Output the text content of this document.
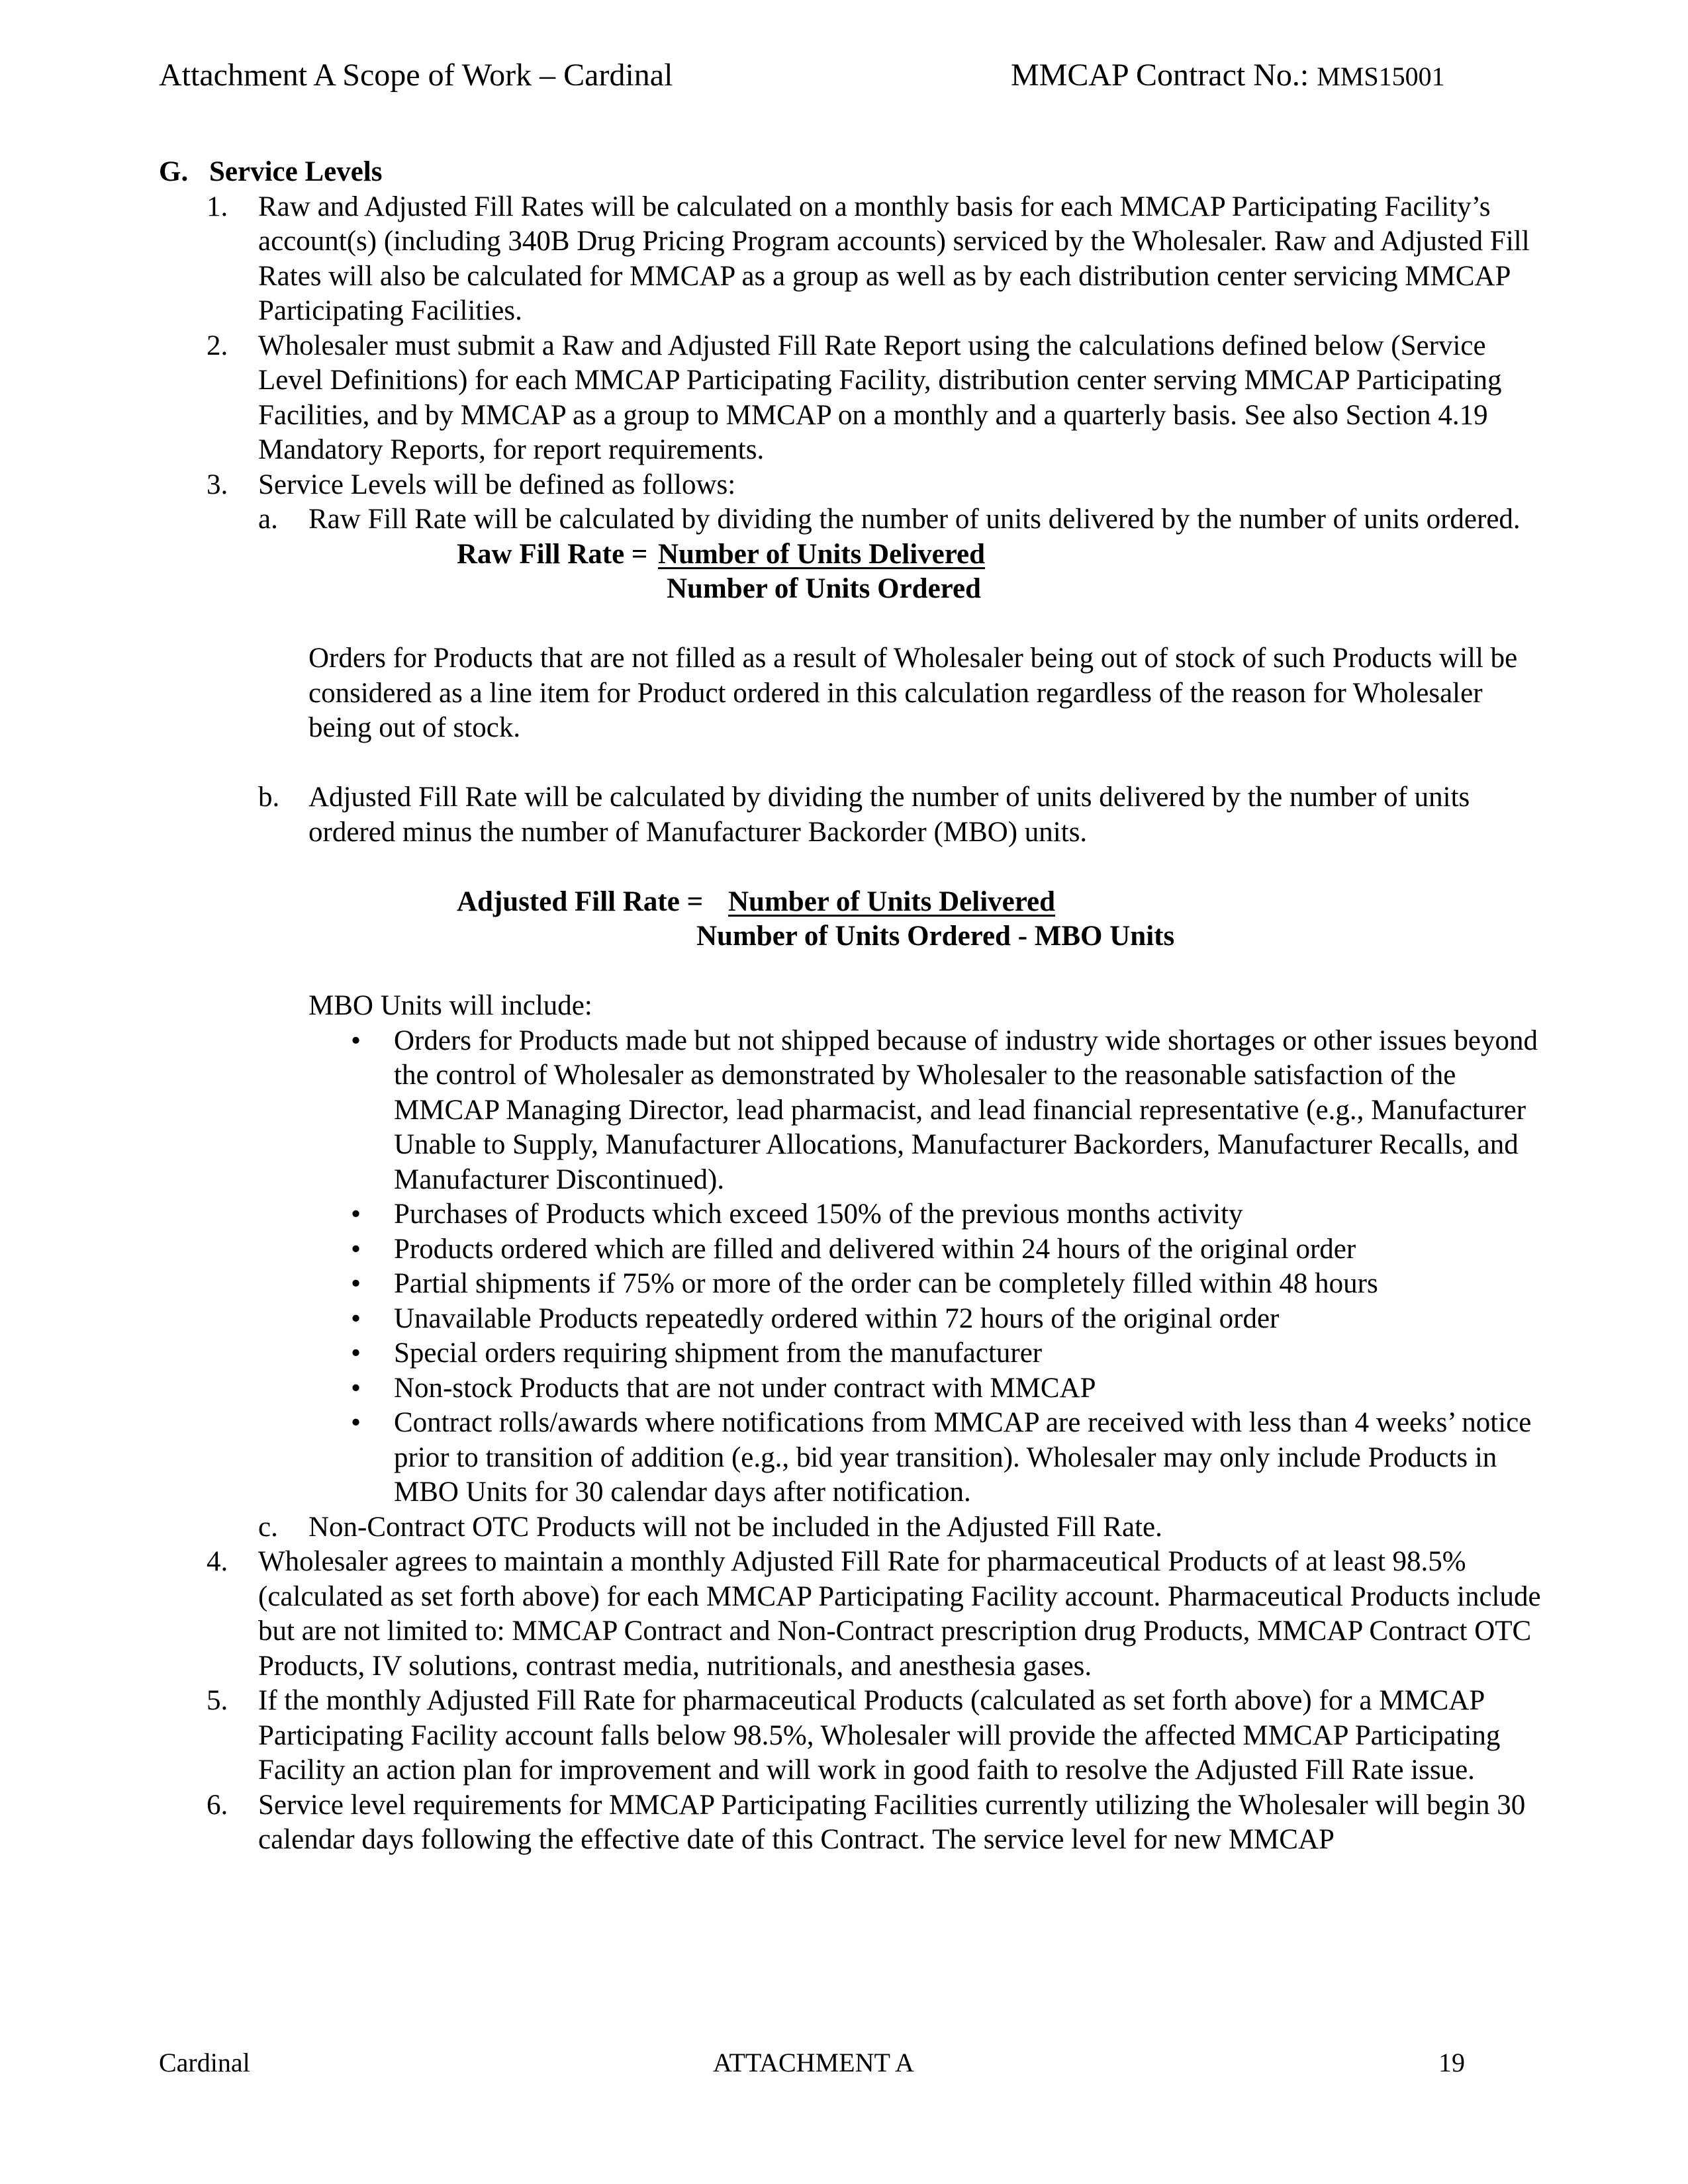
Attachment A Scope of Work – Cardinal	MMCAP Contract No.: MMS15001
G. Service Levels
1. Raw and Adjusted Fill Rates will be calculated on a monthly basis for each MMCAP Participating Facility’s account(s) (including 340B Drug Pricing Program accounts) serviced by the Wholesaler. Raw and Adjusted Fill Rates will also be calculated for MMCAP as a group as well as by each distribution center servicing MMCAP Participating Facilities.
2. Wholesaler must submit a Raw and Adjusted Fill Rate Report using the calculations defined below (Service Level Definitions) for each MMCAP Participating Facility, distribution center serving MMCAP Participating Facilities, and by MMCAP as a group to MMCAP on a monthly and a quarterly basis. See also Section 4.19 Mandatory Reports, for report requirements.
3. Service Levels will be defined as follows:
a. Raw Fill Rate will be calculated by dividing the number of units delivered by the number of units ordered.
Raw Fill Rate = Number of Units Delivered
Number of Units Ordered
Orders for Products that are not filled as a result of Wholesaler being out of stock of such Products will be considered as a line item for Product ordered in this calculation regardless of the reason for Wholesaler being out of stock.
b. Adjusted Fill Rate will be calculated by dividing the number of units delivered by the number of units ordered minus the number of Manufacturer Backorder (MBO) units.
Adjusted Fill Rate = Number of Units Delivered
Number of Units Ordered - MBO Units
MBO Units will include:
• Orders for Products made but not shipped because of industry wide shortages or other issues beyond the control of Wholesaler as demonstrated by Wholesaler to the reasonable satisfaction of the MMCAP Managing Director, lead pharmacist, and lead financial representative (e.g., Manufacturer Unable to Supply, Manufacturer Allocations, Manufacturer Backorders, Manufacturer Recalls, and Manufacturer Discontinued).
• Purchases of Products which exceed 150% of the previous months activity
• Products ordered which are filled and delivered within 24 hours of the original order
• Partial shipments if 75% or more of the order can be completely filled within 48 hours
• Unavailable Products repeatedly ordered within 72 hours of the original order
• Special orders requiring shipment from the manufacturer
• Non-stock Products that are not under contract with MMCAP
• Contract rolls/awards where notifications from MMCAP are received with less than 4 weeks’ notice prior to transition of addition (e.g., bid year transition). Wholesaler may only include Products in MBO Units for 30 calendar days after notification.
c. Non-Contract OTC Products will not be included in the Adjusted Fill Rate.
4. Wholesaler agrees to maintain a monthly Adjusted Fill Rate for pharmaceutical Products of at least 98.5% (calculated as set forth above) for each MMCAP Participating Facility account. Pharmaceutical Products include but are not limited to: MMCAP Contract and Non-Contract prescription drug Products, MMCAP Contract OTC Products, IV solutions, contrast media, nutritionals, and anesthesia gases.
5. If the monthly Adjusted Fill Rate for pharmaceutical Products (calculated as set forth above) for a MMCAP Participating Facility account falls below 98.5%, Wholesaler will provide the affected MMCAP Participating Facility an action plan for improvement and will work in good faith to resolve the Adjusted Fill Rate issue.
6. Service level requirements for MMCAP Participating Facilities currently utilizing the Wholesaler will begin 30 calendar days following the effective date of this Contract. The service level for new MMCAP
Cardinal	ATTACHMENT A	19
